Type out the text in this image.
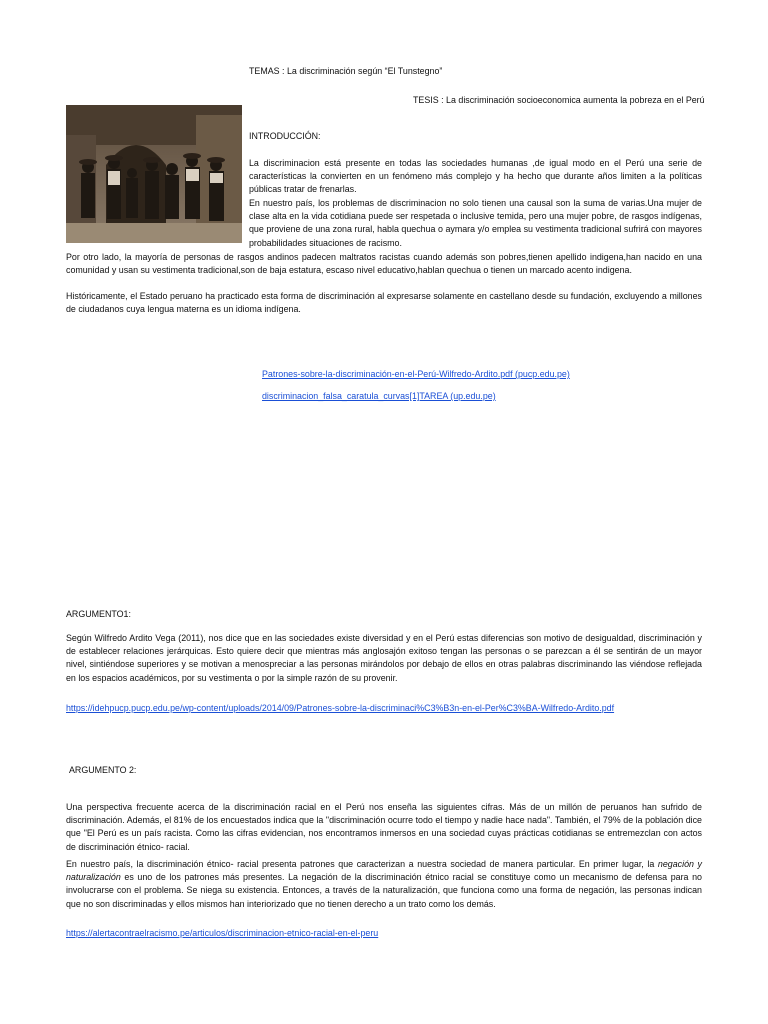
TEMAS : La discriminación según “El Tunstegno”
TESIS : La discriminación socioeconomica aumenta la pobreza en el Perú
INTRODUCCIÓN:
La discriminacion está presente en todas las sociedades humanas ,de igual modo en el Perú una serie de características la convierten en un fenómeno más complejo y ha hecho que durante años limiten a la políticas públicas tratar de frenarlas.
En nuestro país, los problemas de discriminacion no solo tienen una causal son la suma de varias.Una mujer de clase alta en la vida cotidiana puede ser respetada o inclusive temida, pero una mujer pobre, de rasgos indígenas, que proviene de una zona rural, habla quechua o aymara y/o emplea su vestimenta tradicional sufrirá con mayores probabilidades situaciones de racismo.
Por otro lado, la mayoría de personas de rasgos andinos padecen maltratos racistas cuando además son pobres,tienen apellido indigena,han nacido en una comunidad y usan su vestimenta tradicional,son de baja estatura, escaso nivel educativo,hablan quechua o tienen un marcado acento indigena.
Históricamente, el Estado peruano ha practicado esta forma de discriminación al expresarse solamente en castellano desde su fundación, excluyendo a millones de ciudadanos cuya lengua materna es un idioma indígena.
Patrones-sobre-la-discriminación-en-el-Perú-Wilfredo-Ardito.pdf (pucp.edu.pe)
discriminacion_falsa_caratula_curvas[1]TAREA (up.edu.pe)
ARGUMENTO1:
Según Wilfredo Ardito Vega (2011), nos dice que en las sociedades existe diversidad y en el Perú estas diferencias son motivo de desigualdad, discriminación y de establecer relaciones jerárquicas. Esto quiere decir que mientras más anglosajón exitoso tengan las personas o se parezcan a él se sentirán de un mayor nivel, sintiéndose superiores y se motivan a menospreciar a las personas mirándolos por debajo de ellos en otras palabras discriminando las viéndose reflejada en los espacios académicos, por su vestimenta o por la simple razón de su provenir.
https://idehpucp.pucp.edu.pe/wp-content/uploads/2014/09/Patrones-sobre-la-discriminaci%C3%B3n-en-el-Per%C3%BA-Wilfredo-Ardito.pdf
ARGUMENTO 2:
Una perspectiva frecuente acerca de la discriminación racial en el Perú nos enseña las siguientes cifras. Más de un millón de peruanos han sufrido de discriminación. Además, el 81% de los encuestados indica que la "discriminación ocurre todo el tiempo y nadie hace nada". También, el 79% de la población dice que "El Perú es un país racista. Como las cifras evidencian, nos encontramos inmersos en una sociedad cuyas prácticas cotidianas se entremezclan con actos de discriminación étnico- racial.
En nuestro país, la discriminación étnico- racial presenta patrones que caracterizan a nuestra sociedad de manera particular. En primer lugar, la negación y naturalización es uno de los patrones más presentes. La negación de la discriminación étnico racial se constituye como un mecanismo de defensa para no involucrarse con el problema. Se niega su existencia. Entonces, a través de la naturalización, que funciona como una forma de negación, las personas indican que no son discriminadas y ellos mismos han interiorizado que no tienen derecho a un trato como los demás.
https://alertacontraelracismo.pe/articulos/discriminacion-etnico-racial-en-el-peru
